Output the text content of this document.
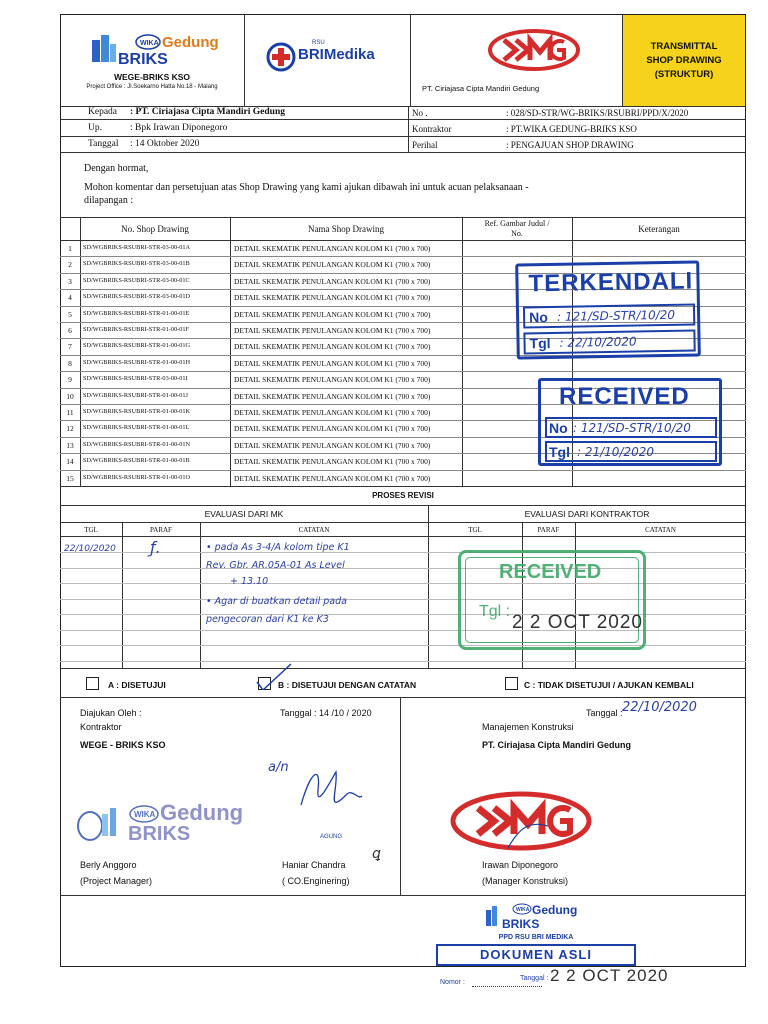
WIKA Gedung
BRIKS
WEGE-BRIKS KSO
Project Office : Jl.Soekarno Hatta No.18 - Malang
RSU
BRIMedika
PT. Ciriajasa Cipta Mandiri Gedung
TRANSMITTAL
SHOP DRAWING
(STRUKTUR)
Kepada : PT. Ciriajasa Cipta Mandiri Gedung
Up.	: Bpk Irawan Diponegoro
Tanggal : 14 Oktober 2020
No .	: 028/SD-STR/WG-BRIKS/RSUBRI/PPD/X/2020
Kontraktor	: PT.WIKA GEDUNG-BRIKS KSO
Perihal	: PENGAJUAN SHOP DRAWING
Dengan hormat,
Mohon komentar dan persetujuan atas Shop Drawing yang kami ajukan dibawah ini untuk acuan pelaksanaan -
dilapangan :
No. Shop Drawing	Nama Shop Drawing
Ref. Gambar Judul /
No.	Keterangan
1	SD/WGBRIKS-RSUBRI-STR-03-00-01A	DETAIL SKEMATIK PENULANGAN KOLOM K1 (700 x 700)
2	SD/WGBRIKS-RSUBRI-STR-03-00-01B	DETAIL SKEMATIK PENULANGAN KOLOM K1 (700 x 700)
3	SD/WGBRIKS-RSUBRI-STR-03-00-01C	DETAIL SKEMATIK PENULANGAN KOLOM K1 (700 x 700)
4	SD/WGBRIKS-RSUBRI-STR-03-00-01D	DETAIL SKEMATIK PENULANGAN KOLOM K1 (700 x 700)
5	SD/WGBRIKS-RSUBRI-STR-01-00-01E	DETAIL SKEMATIK PENULANGAN KOLOM K1 (700 x 700)
6	SD/WGBRIKS-RSUBRI-STR-01-00-01F	DETAIL SKEMATIK PENULANGAN KOLOM K1 (700 x 700)
7	SD/WGBRIKS-RSUBRI-STR-01-00-01G	DETAIL SKEMATIK PENULANGAN KOLOM K1 (700 x 700)
8	SD/WGBRIKS-RSUBRI-STR-01-00-01H	DETAIL SKEMATIK PENULANGAN KOLOM K1 (700 x 700)
9	SD/WGBRIKS-RSUBRI-STR-03-00-01I	DETAIL SKEMATIK PENULANGAN KOLOM K1 (700 x 700)
10	SD/WGBRIKS-RSUBRI-STR-01-00-01J	DETAIL SKEMATIK PENULANGAN KOLOM K1 (700 x 700)
11	SD/WGBRIKS-RSUBRI-STR-01-00-01K	DETAIL SKEMATIK PENULANGAN KOLOM K1 (700 x 700)
12	SD/WGBRIKS-RSUBRI-STR-01-00-01L	DETAIL SKEMATIK PENULANGAN KOLOM K1 (700 x 700)
13	SD/WGBRIKS-RSUBRI-STR-01-00-01N	DETAIL SKEMATIK PENULANGAN KOLOM K1 (700 x 700)
14	SD/WGBRIKS-RSUBRI-STR-01-00-01B	DETAIL SKEMATIK PENULANGAN KOLOM K1 (700 x 700)
15	SD/WGBRIKS-RSUBRI-STR-01-00-01O	DETAIL SKEMATIK PENULANGAN KOLOM K1 (700 x 700)
TERKENDALI
No : 121/SD-STR/10/20
Tgl : 22/10/2020
RECEIVED
No : 121/SD-STR/10/20
Tgl : 21/10/2020
PROSES REVISI
EVALUASI DARI MK	EVALUASI DARI KONTRAKTOR
TGL	PARAF	CATATAN	TGL	PARAF	CATATAN
22/10/2020 ƒ.	• pada As 3-4/A kolom tipe K1
Rev. Gbr. AR.05A-01 As Level
+ 13.10
• Agar di buatkan detail pada
pengecoran dari K1 ke K3
RECEIVED
Tgl :
2 2 OCT 2020
A : DISETUJUI	B : DISETUJUI DENGAN CATATAN	C : TIDAK DISETUJUI / AJUKAN KEMBALI
Diajukan Oleh :
Kontraktor
WEGE - BRIKS KSO
Tanggal : 14 /10 / 2020	Tanggal : 22/10/2020
Manajemen Konstruksi
PT. Ciriajasa Cipta Mandiri Gedung
a/n
WIKA Gedung
BRIKS	AGUNG
ꝗ
Berly Anggoro
(Project Manager)
Haniar Chandra
( CO.Enginering)
Irawan Diponegoro
(Manager Konstruksi)
WIKA Gedung
BRIKS
PPD RSU BRI MEDIKA
DOKUMEN ASLI
Nomor :
Tanggal : 2 2 OCT 2020
